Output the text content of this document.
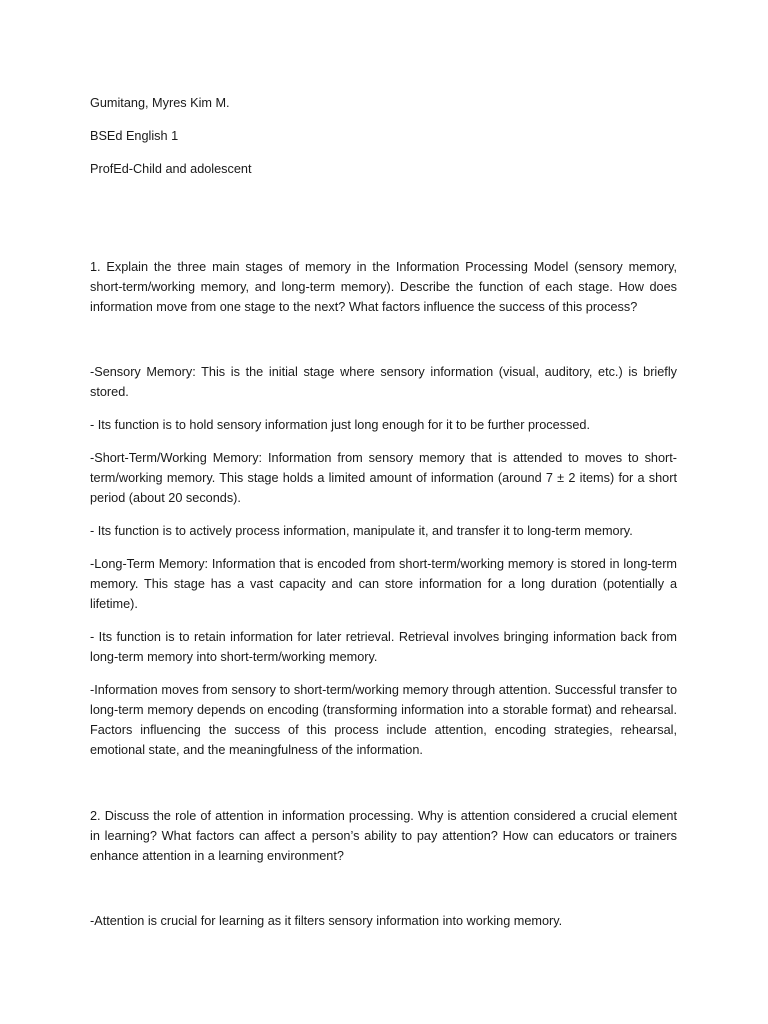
Gumitang, Myres Kim M.
BSEd English 1
ProfEd-Child and adolescent
1. Explain the three main stages of memory in the Information Processing Model (sensory memory, short-term/working memory, and long-term memory). Describe the function of each stage. How does information move from one stage to the next? What factors influence the success of this process?
-Sensory Memory: This is the initial stage where sensory information (visual, auditory, etc.) is briefly stored.
- Its function is to hold sensory information just long enough for it to be further processed.
-Short-Term/Working Memory: Information from sensory memory that is attended to moves to short-term/working memory. This stage holds a limited amount of information (around 7 ± 2 items) for a short period (about 20 seconds).
- Its function is to actively process information, manipulate it, and transfer it to long-term memory.
-Long-Term Memory: Information that is encoded from short-term/working memory is stored in long-term memory. This stage has a vast capacity and can store information for a long duration (potentially a lifetime).
- Its function is to retain information for later retrieval. Retrieval involves bringing information back from long-term memory into short-term/working memory.
-Information moves from sensory to short-term/working memory through attention. Successful transfer to long-term memory depends on encoding (transforming information into a storable format) and rehearsal. Factors influencing the success of this process include attention, encoding strategies, rehearsal, emotional state, and the meaningfulness of the information.
2. Discuss the role of attention in information processing. Why is attention considered a crucial element in learning? What factors can affect a person’s ability to pay attention? How can educators or trainers enhance attention in a learning environment?
-Attention is crucial for learning as it filters sensory information into working memory.
